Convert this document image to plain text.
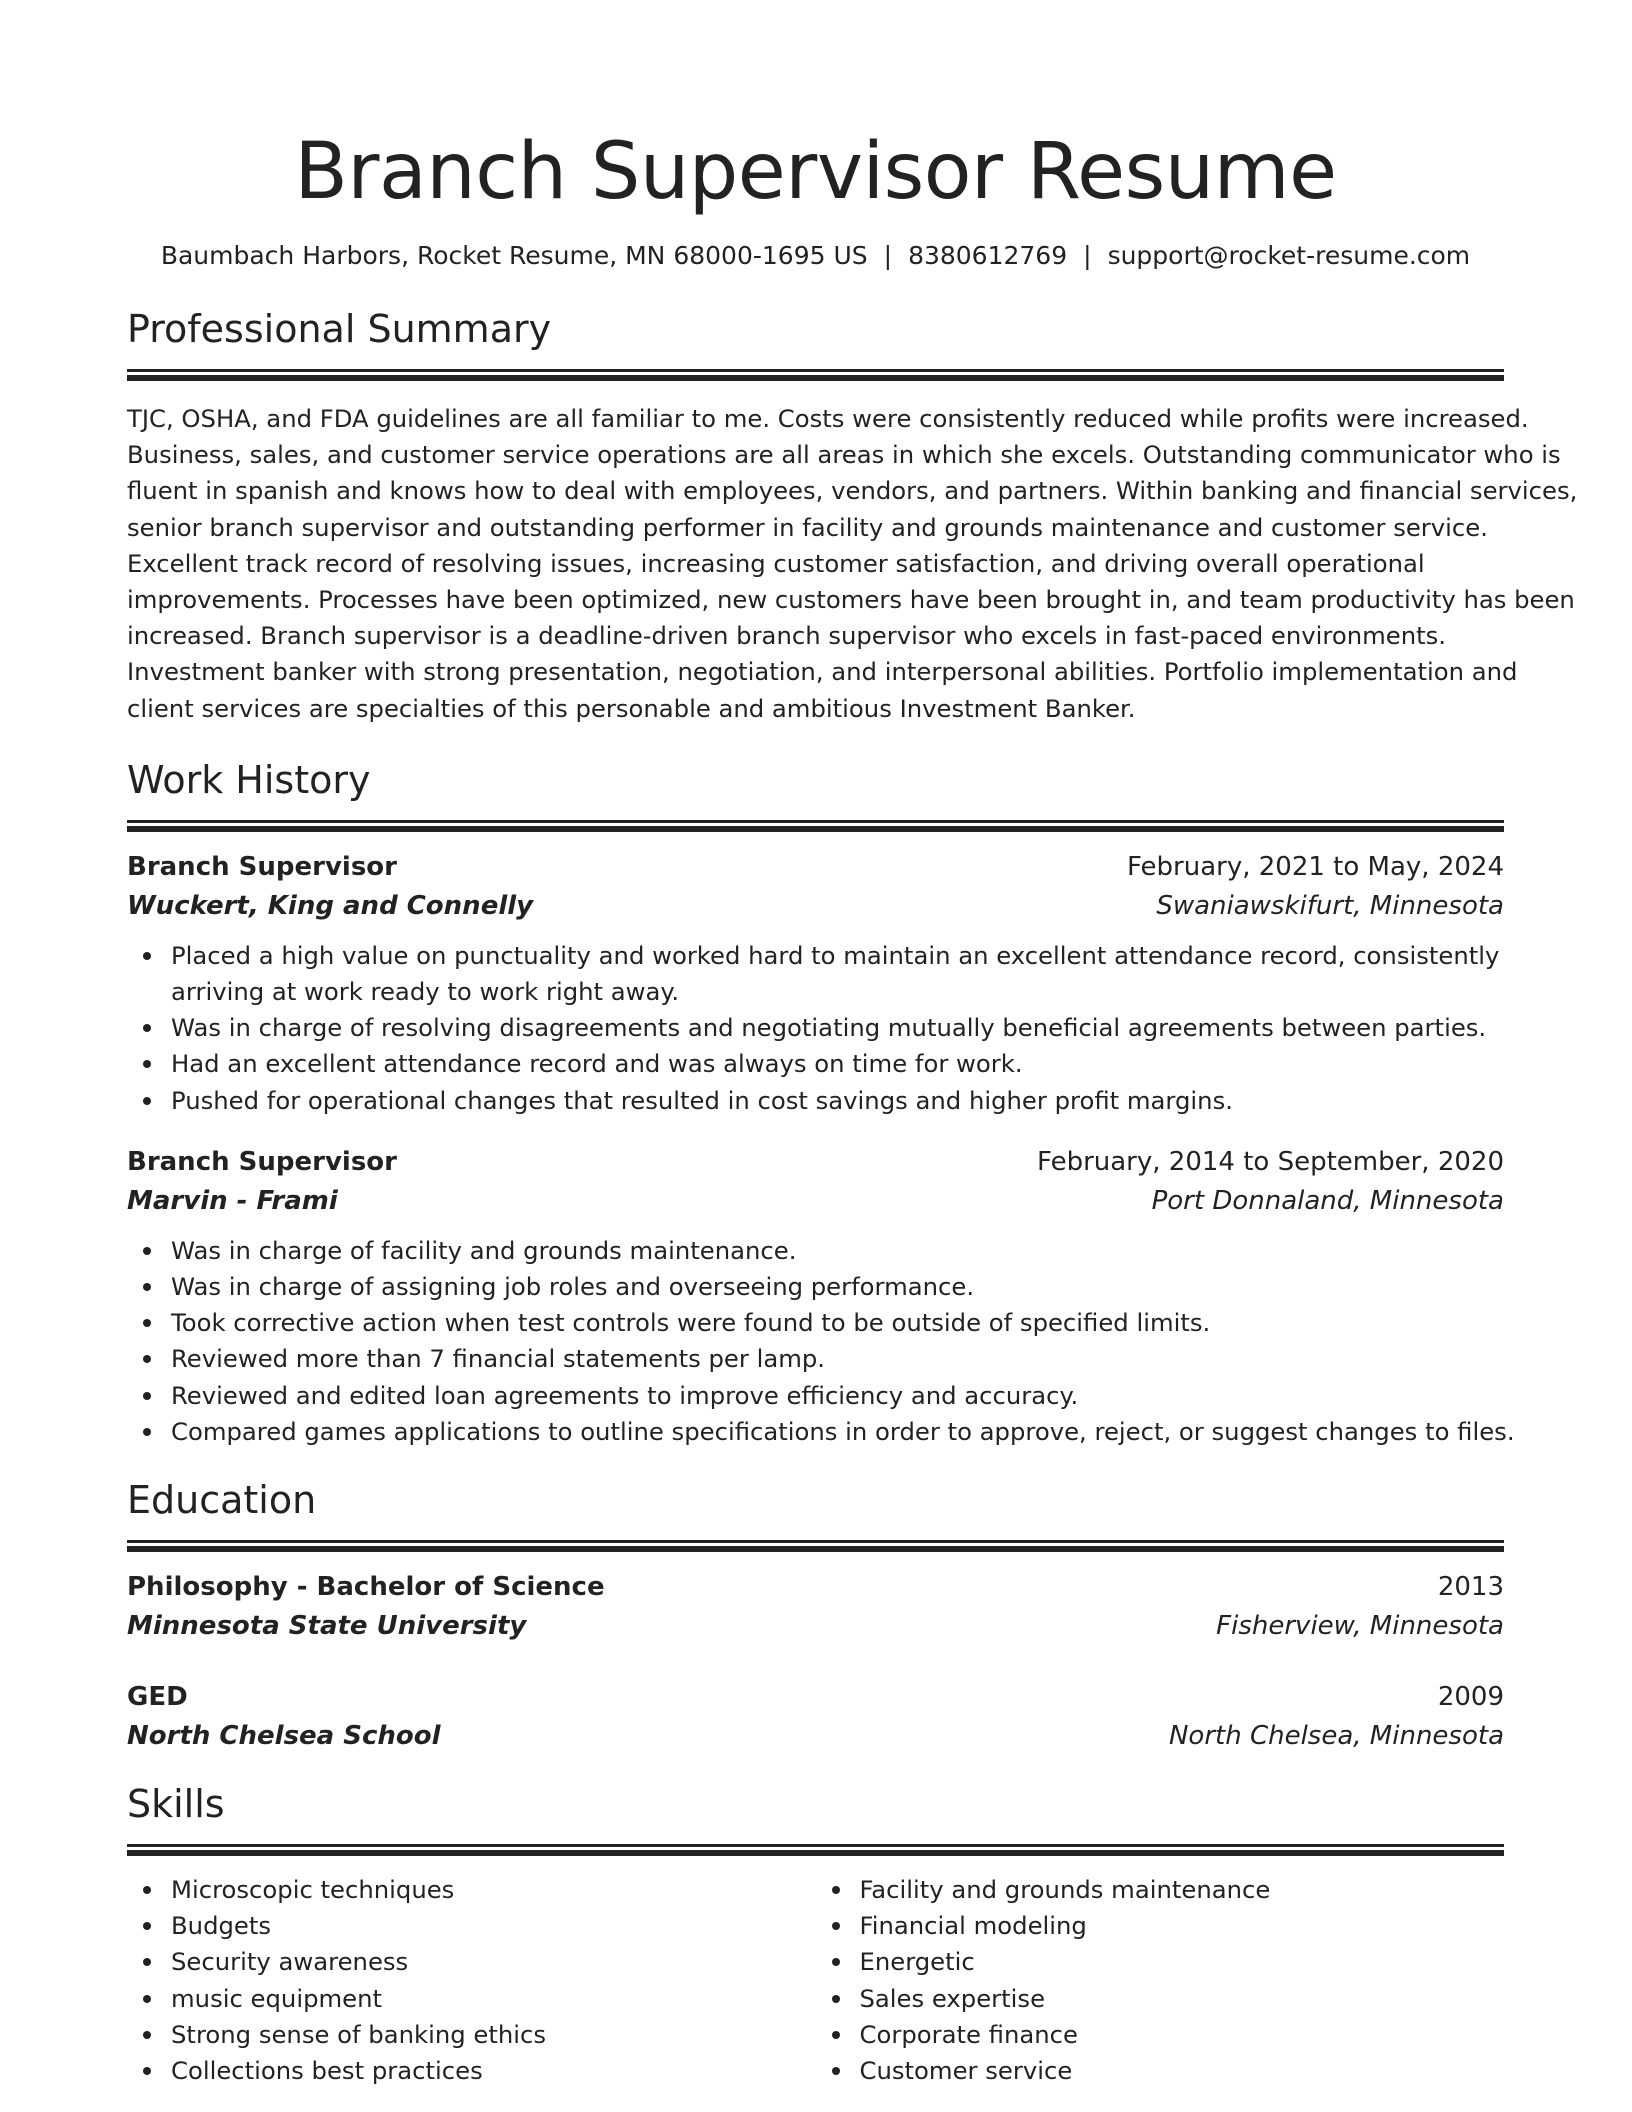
Branch Supervisor Resume
Baumbach Harbors, Rocket Resume, MN 68000-1695 US | 8380612769 | support@rocket-resume.com
Professional Summary
TJC, OSHA, and FDA guidelines are all familiar to me. Costs were consistently reduced while profits were increased.
Business, sales, and customer service operations are all areas in which she excels. Outstanding communicator who is
fluent in spanish and knows how to deal with employees, vendors, and partners. Within banking and financial services,
senior branch supervisor and outstanding performer in facility and grounds maintenance and customer service.
Excellent track record of resolving issues, increasing customer satisfaction, and driving overall operational
improvements. Processes have been optimized, new customers have been brought in, and team productivity has been
increased. Branch supervisor is a deadline-driven branch supervisor who excels in fast-paced environments.
Investment banker with strong presentation, negotiation, and interpersonal abilities. Portfolio implementation and
client services are specialties of this personable and ambitious Investment Banker.
Work History
Branch Supervisor	February, 2021 to May, 2024
Wuckert, King and Connelly	Swaniawskifurt, Minnesota
Placed a high value on punctuality and worked hard to maintain an excellent attendance record, consistently
arriving at work ready to work right away.
Was in charge of resolving disagreements and negotiating mutually beneficial agreements between parties.
Had an excellent attendance record and was always on time for work.
Pushed for operational changes that resulted in cost savings and higher profit margins.
Branch Supervisor	February, 2014 to September, 2020
Marvin - Frami	Port Donnaland, Minnesota
Was in charge of facility and grounds maintenance.
Was in charge of assigning job roles and overseeing performance.
Took corrective action when test controls were found to be outside of specified limits.
Reviewed more than 7 financial statements per lamp.
Reviewed and edited loan agreements to improve efficiency and accuracy.
Compared games applications to outline specifications in order to approve, reject, or suggest changes to files.
Education
Philosophy - Bachelor of Science	2013
Minnesota State University	Fisherview, Minnesota
GED	2009
North Chelsea School	North Chelsea, Minnesota
Skills
Microscopic techniques
Budgets
Security awareness
music equipment
Strong sense of banking ethics
Collections best practices
Facility and grounds maintenance
Financial modeling
Energetic
Sales expertise
Corporate finance
Customer service
